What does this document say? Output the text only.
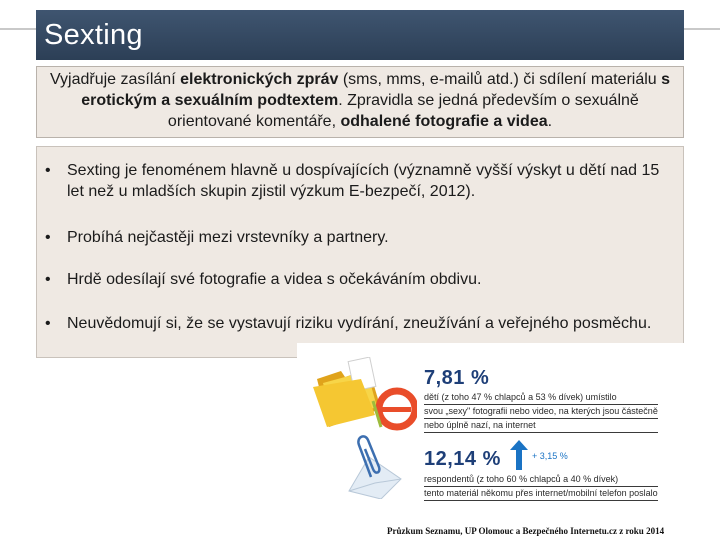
Sexting
Vyjadřuje zasílání elektronických zpráv (sms, mms, e-mailů atd.) či sdílení materiálu s erotickým a sexuálním podtextem. Zpravidla se jedná především o sexuálně orientované komentáře, odhalené fotografie a videa.
• Sexting je fenoménem hlavně u dospívajících (významně vyšší výskyt u dětí nad 15 let než u mladších skupin zjistil výzkum E-bezpečí, 2012).
• Probíhá nejčastěji mezi vrstevníky a partnery.
• Hrdě odesílají své fotografie a videa s očekáváním obdivu.
• Neuvědomují si, že se vystavují riziku vydírání, zneužívání a veřejného posměchu.
7,81 %
dětí (z toho 47 % chlapců a 53 % dívek) umístilo
svou „sexy" fotografii nebo video, na kterých jsou částečně
nebo úplně nazí, na internet
12,14 %	+ 3,15 %
respondentů (z toho 60 % chlapců a 40 % dívek)
tento materiál někomu přes internet/mobilní telefon poslalo
Průzkum Seznamu, UP Olomouc a Bezpečného Internetu.cz z roku 2014
